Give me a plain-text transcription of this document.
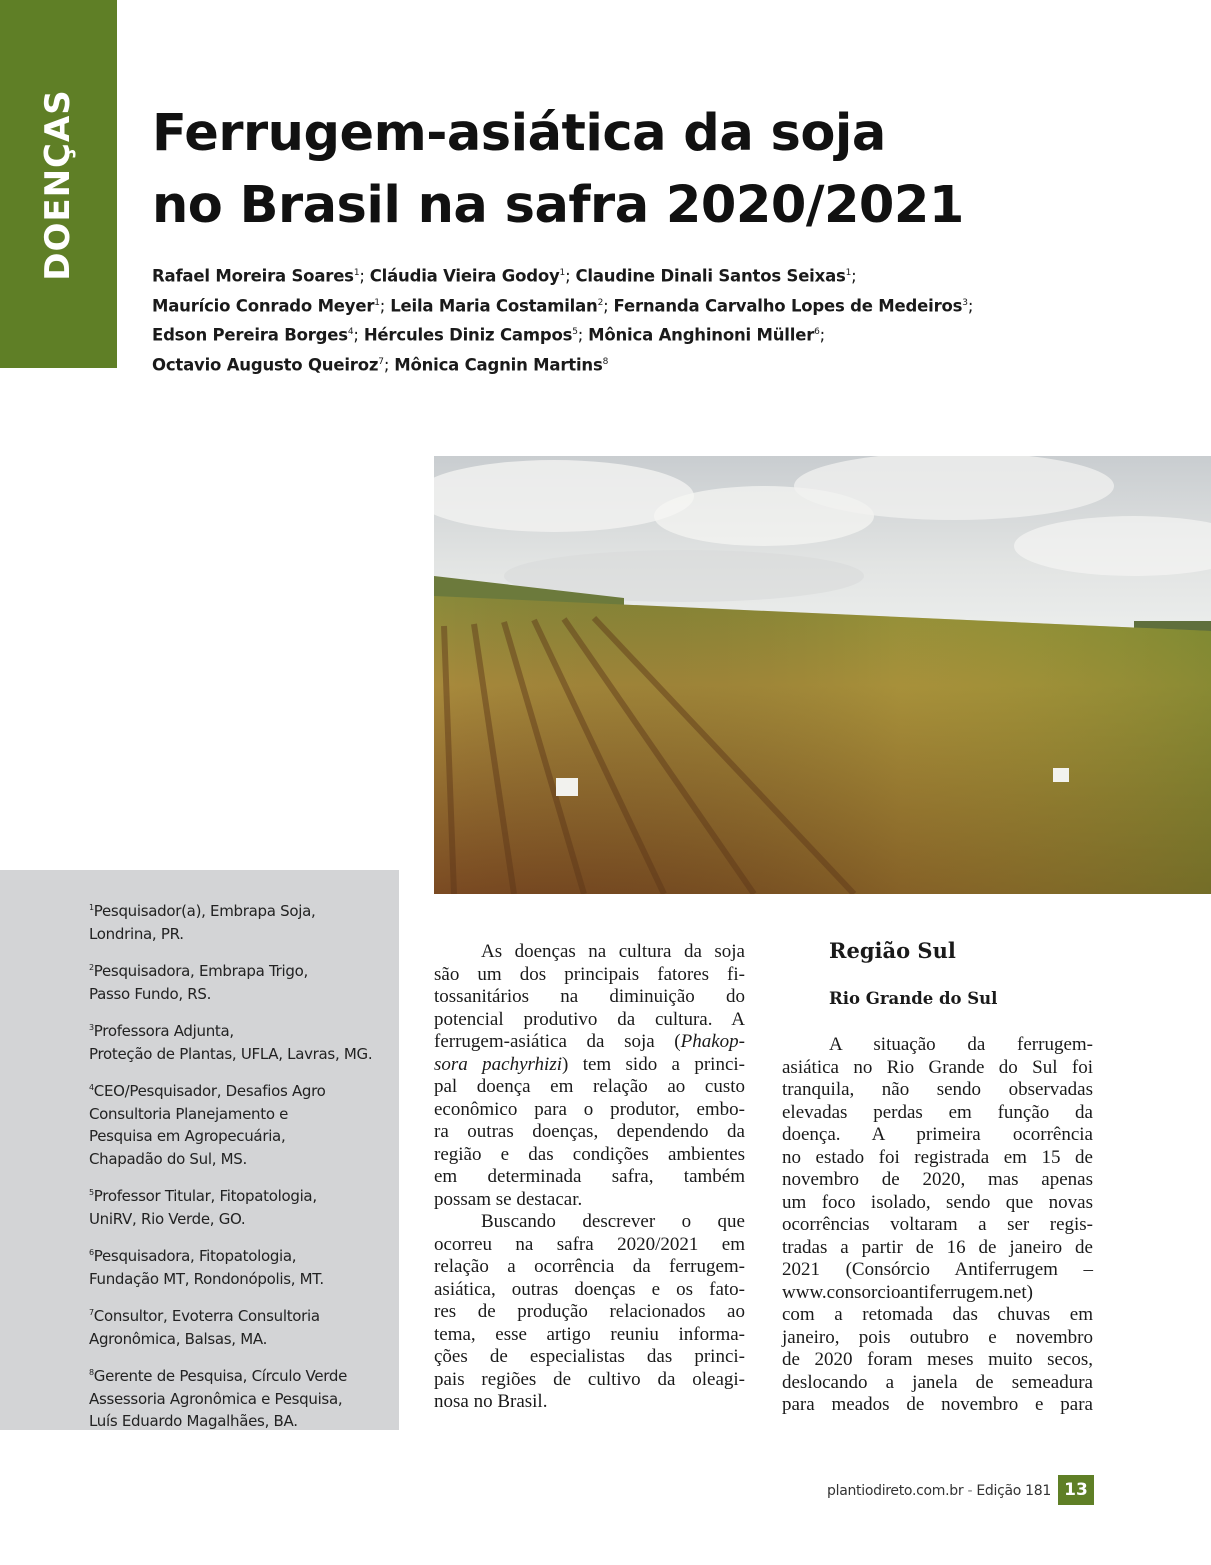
DOENÇAS Ferrugem-asiática da soja
no Brasil na safra 2020/2021
Rafael Moreira Soares$^1$; Cláudia Vieira Godoy$^1$; Claudine Dinali Santos Seixas$^1$;
Maurício Conrado Meyer$^1$; Leila Maria Costamilan$^2$; Fernanda Carvalho Lopes de Medeiros$^3$;
Edson Pereira Borges$^4$; Hércules Diniz Campos$^5$; Mônica Anghinoni Müller$^6$;
Octavio Augusto Queiroz$^7$; Mônica Cagnin Martins$^8$

$^1$Pesquisador(a), Embrapa Soja,
Londrina, PR.

$^2$Pesquisadora, Embrapa Trigo,
Passo Fundo, RS.

$^3$Professora Adjunta,
Proteção de Plantas, UFLA, Lavras, MG.

$^4$CEO/Pesquisador, Desafios Agro
Consultoria Planejamento e
Pesquisa em Agropecuária,
Chapadão do Sul, MS.

$^5$Professor Titular, Fitopatologia,
UniRV, Rio Verde, GO.

$^6$Pesquisadora, Fitopatologia,
Fundação MT, Rondonópolis, MT.

$^7$Consultor, Evoterra Consultoria
Agronômica, Balsas, MA.

$^8$Gerente de Pesquisa, Círculo Verde
Assessoria Agronômica e Pesquisa,
Luís Eduardo Magalhães, BA.

As doenças na cultura da soja
são um dos principais fatores fi-
tossanitários na diminuição do
potencial produtivo da cultura. A
ferrugem-asiática da soja (Phakop-
sora pachyrhizi) tem sido a princi-
pal doença em relação ao custo
econômico para o produtor, embo-
ra outras doenças, dependendo da
região e das condições ambientes
em determinada safra, também
possam se destacar.
Buscando descrever o que
ocorreu na safra 2020/2021 em
relação a ocorrência da ferrugem-
asiática, outras doenças e os fato-
res de produção relacionados ao
tema, esse artigo reuniu informa-
ções de especialistas das princi-
pais regiões de cultivo da oleagi-
nosa no Brasil.
Região Sul
Rio Grande do Sul
A situação da ferrugem-
asiática no Rio Grande do Sul foi
tranquila, não sendo observadas
elevadas perdas em função da
doença. A primeira ocorrência
no estado foi registrada em 15 de
novembro de 2020, mas apenas
um foco isolado, sendo que novas
ocorrências voltaram a ser regis-
tradas a partir de 16 de janeiro de
2021 (Consórcio Antiferrugem –
www.consorcioantiferrugem.net)
com a retomada das chuvas em
janeiro, pois outubro e novembro
de 2020 foram meses muito secos,
deslocando a janela de semeadura
para meados de novembro e para
plantiodireto.com.br - Edição 181 13
